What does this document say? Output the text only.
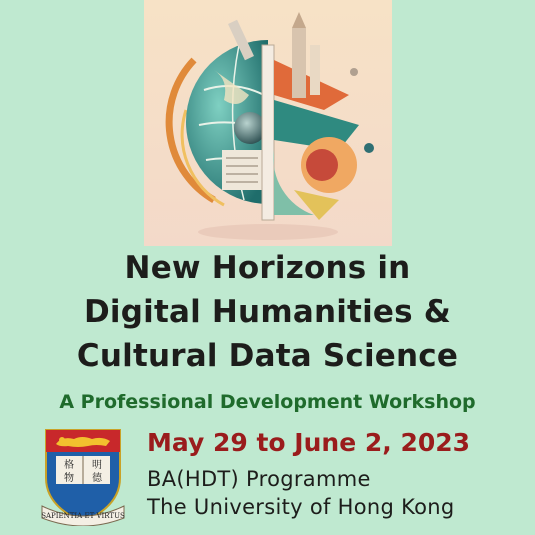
New Horizons in
Digital Humanities &
Cultural Data Science
A Professional Development Workshop
格 明
物 德
SAPIENTIA ET VIRTUS
May 29 to June 2, 2023
BA(HDT) Programme
The University of Hong Kong
